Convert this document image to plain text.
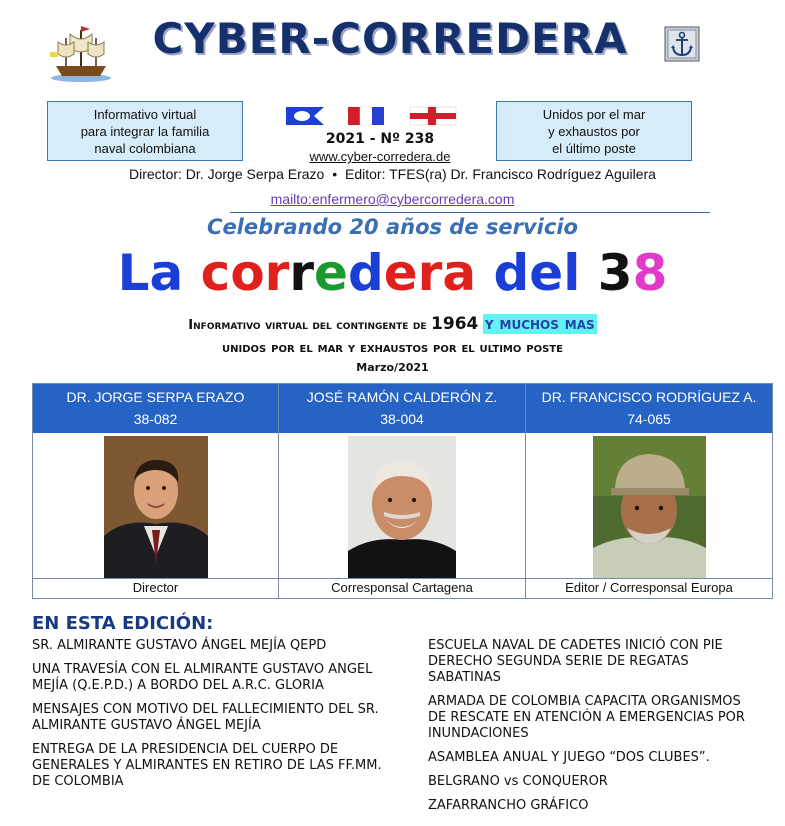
CYBER-CORREDERA
Informativo virtual
para integrar la familia
naval colombiana
Unidos por el mar
y exhaustos por
el último poste
2021 - Nº 238
www.cyber-corredera.de
Director: Dr. Jorge Serpa Erazo • Editor: TFES(ra) Dr. Francisco Rodríguez Aguilera
mailto:enfermero@cybercorredera.com
Celebrando 20 años de servicio
La corredera del 38
Informativo virtual del contingente de 1964 y muchos mas
unidos por el mar y exhaustos por el ultimo poste
Marzo/2021
DR. JORGE SERPA ERAZO
38-082
Director
JOSÉ RAMÓN CALDERÓN Z.
38-004
Corresponsal Cartagena
DR. FRANCISCO RODRÍGUEZ A.
74-065
Editor / Corresponsal Europa
EN ESTA EDICIÓN:
SR. ALMIRANTE GUSTAVO ÁNGEL MEJÍA QEPD
UNA TRAVESÍA CON EL ALMIRANTE GUSTAVO ANGEL MEJÍA (Q.E.P.D.) A BORDO DEL A.R.C. GLORIA
MENSAJES CON MOTIVO DEL FALLECIMIENTO DEL SR. ALMIRANTE GUSTAVO ÁNGEL MEJÍA
ENTREGA DE LA PRESIDENCIA DEL CUERPO DE GENERALES Y ALMIRANTES EN RETIRO DE LAS FF.MM. DE COLOMBIA
ESCUELA NAVAL DE CADETES INICIÓ CON PIE DERECHO SEGUNDA SERIE DE REGATAS SABATINAS
ARMADA DE COLOMBIA CAPACITA ORGANISMOS DE RESCATE EN ATENCIÓN A EMERGENCIAS POR INUNDACIONES
ASAMBLEA ANUAL Y JUEGO “DOS CLUBES”.
BELGRANO vs CONQUEROR
ZAFARRANCHO GRÁFICO
